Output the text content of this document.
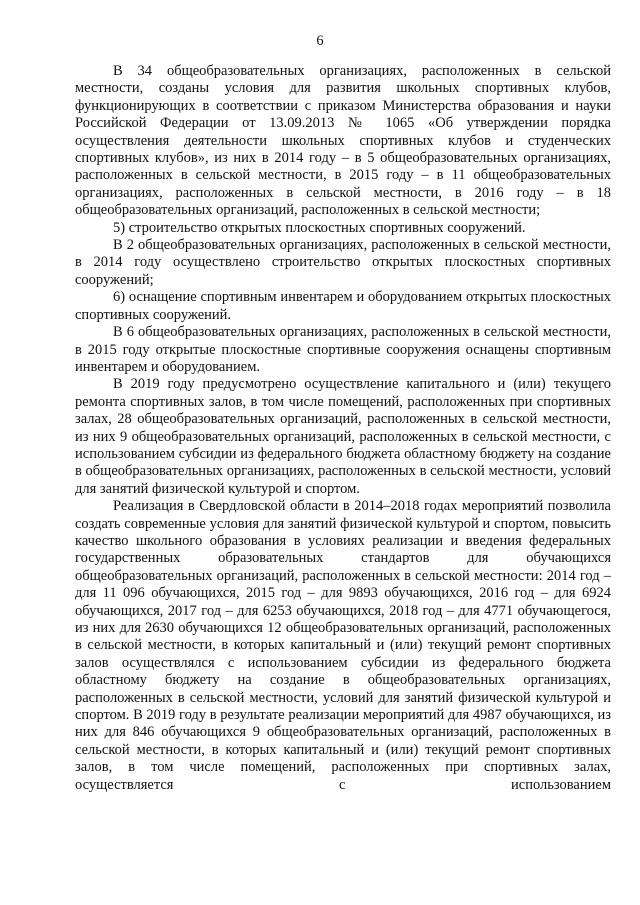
6

В 34 общеобразовательных организациях, расположенных в сельской местности, созданы условия для развития школьных спортивных клубов, функционирующих в соответствии с приказом Министерства образования и науки Российской Федерации от 13.09.2013 № 1065 «Об утверждении порядка осуществления деятельности школьных спортивных клубов и студенческих спортивных клубов», из них в 2014 году – в 5 общеобразовательных организациях, расположенных в сельской местности, в 2015 году – в 11 общеобразовательных организациях, расположенных в сельской местности, в 2016 году – в 18 общеобразовательных организаций, расположенных в сельской местности;

5) строительство открытых плоскостных спортивных сооружений.

В 2 общеобразовательных организациях, расположенных в сельской местности, в 2014 году осуществлено строительство открытых плоскостных спортивных сооружений;

6) оснащение спортивным инвентарем и оборудованием открытых плоскостных спортивных сооружений.

В 6 общеобразовательных организациях, расположенных в сельской местности, в 2015 году открытые плоскостные спортивные сооружения оснащены спортивным инвентарем и оборудованием.

В 2019 году предусмотрено осуществление капитального и (или) текущего ремонта спортивных залов, в том числе помещений, расположенных при спортивных залах, 28 общеобразовательных организаций, расположенных в сельской местности, из них 9 общеобразовательных организаций, расположенных в сельской местности, с использованием субсидии из федерального бюджета областному бюджету на создание в общеобразовательных организациях, расположенных в сельской местности, условий для занятий физической культурой и спортом.

Реализация в Свердловской области в 2014–2018 годах мероприятий позволила создать современные условия для занятий физической культурой и спортом, повысить качество школьного образования в условиях реализации и введения федеральных государственных образовательных стандартов для обучающихся общеобразовательных организаций, расположенных в сельской местности: 2014 год – для 11 096 обучающихся, 2015 год – для 9893 обучающихся, 2016 год – для 6924 обучающихся, 2017 год – для 6253 обучающихся, 2018 год – для 4771 обучающегося, из них для 2630 обучающихся 12 общеобразовательных организаций, расположенных в сельской местности, в которых капитальный и (или) текущий ремонт спортивных залов осуществлялся с использованием субсидии из федерального бюджета областному бюджету на создание в общеобразовательных организациях, расположенных в сельской местности, условий для занятий физической культурой и спортом. В 2019 году в результате реализации мероприятий для 4987 обучающихся, из них для 846 обучающихся 9 общеобразовательных организаций, расположенных в сельской местности, в которых капитальный и (или) текущий ремонт спортивных залов, в том числе помещений, расположенных при спортивных залах, осуществляется с использованием
